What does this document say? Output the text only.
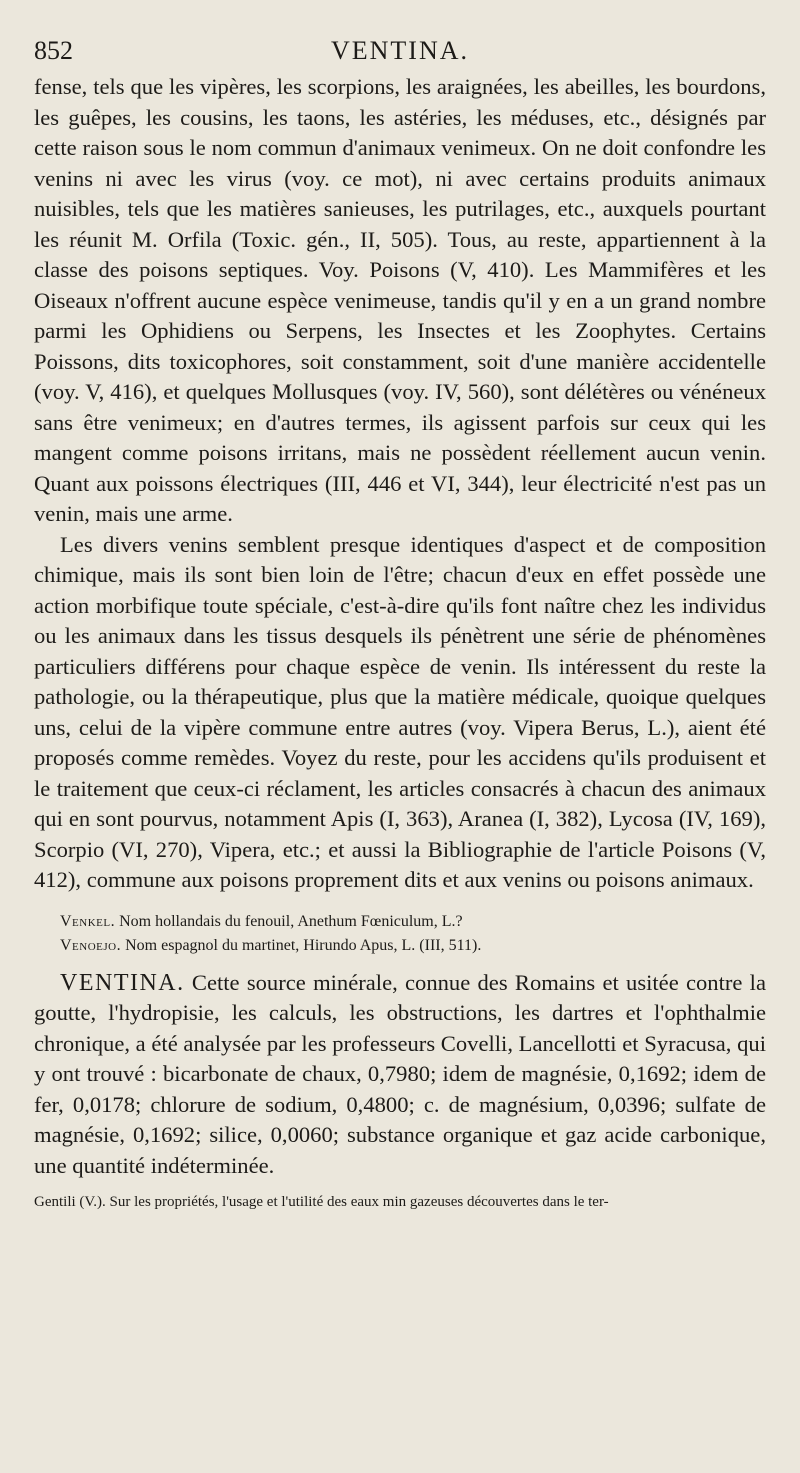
852	VENTINA.

fense, tels que les vipères, les scorpions, les araignées, les abeilles, les bourdons, les guêpes, les cousins, les taons, les astéries, les méduses, etc., désignés par cette raison sous le nom commun d'animaux venimeux. On ne doit confondre les venins ni avec les virus (voy. ce mot), ni avec certains produits animaux nuisibles, tels que les matières sanieuses, les putrilages, etc., auxquels pourtant les réunit M. Orfila (Toxic. gén., II, 505). Tous, au reste, appartiennent à la classe des poisons septiques. Voy. Poisons (V, 410). Les Mammifères et les Oiseaux n'offrent aucune espèce venimeuse, tandis qu'il y en a un grand nombre parmi les Ophidiens ou Serpens, les Insectes et les Zoophytes. Certains Poissons, dits toxicophores, soit constamment, soit d'une manière accidentelle (voy. V, 416), et quelques Mollusques (voy. IV, 560), sont délétères ou vénéneux sans être venimeux; en d'autres termes, ils agissent parfois sur ceux qui les mangent comme poisons irritans, mais ne possèdent réellement aucun venin. Quant aux poissons électriques (III, 446 et VI, 344), leur électricité n'est pas un venin, mais une arme.

Les divers venins semblent presque identiques d'aspect et de composition chimique, mais ils sont bien loin de l'être; chacun d'eux en effet possède une action morbifique toute spéciale, c'est-à-dire qu'ils font naître chez les individus ou les animaux dans les tissus desquels ils pénètrent une série de phénomènes particuliers différens pour chaque espèce de venin. Ils intéressent du reste la pathologie, ou la thérapeutique, plus que la matière médicale, quoique quelques uns, celui de la vipère commune entre autres (voy. Vipera Berus, L.), aient été proposés comme remèdes. Voyez du reste, pour les accidens qu'ils produisent et le traitement que ceux-ci réclament, les articles consacrés à chacun des animaux qui en sont pourvus, notamment Apis (I, 363), Aranea (I, 382), Lycosa (IV, 169), Scorpio (VI, 270), Vipera, etc.; et aussi la Bibliographie de l'article Poisons (V, 412), commune aux poisons proprement dits et aux venins ou poisons animaux.

Venkel. Nom hollandais du fenouil, Anethum Fœniculum, L.?

Venoejo. Nom espagnol du martinet, Hirundo Apus, L. (III, 511).

VENTINA. Cette source minérale, connue des Romains et usitée contre la goutte, l'hydropisie, les calculs, les obstructions, les dartres et l'ophthalmie chronique, a été analysée par les professeurs Covelli, Lancellotti et Syracusa, qui y ont trouvé : bicarbonate de chaux, 0,7980; idem de magnésie, 0,1692; idem de fer, 0,0178; chlorure de sodium, 0,4800; c. de magnésium, 0,0396; sulfate de magnésie, 0,1692; silice, 0,0060; substance organique et gaz acide carbonique, une quantité indéterminée.

Gentili (V.). Sur les propriétés, l'usage et l'utilité des eaux min gazeuses découvertes dans le ter-
